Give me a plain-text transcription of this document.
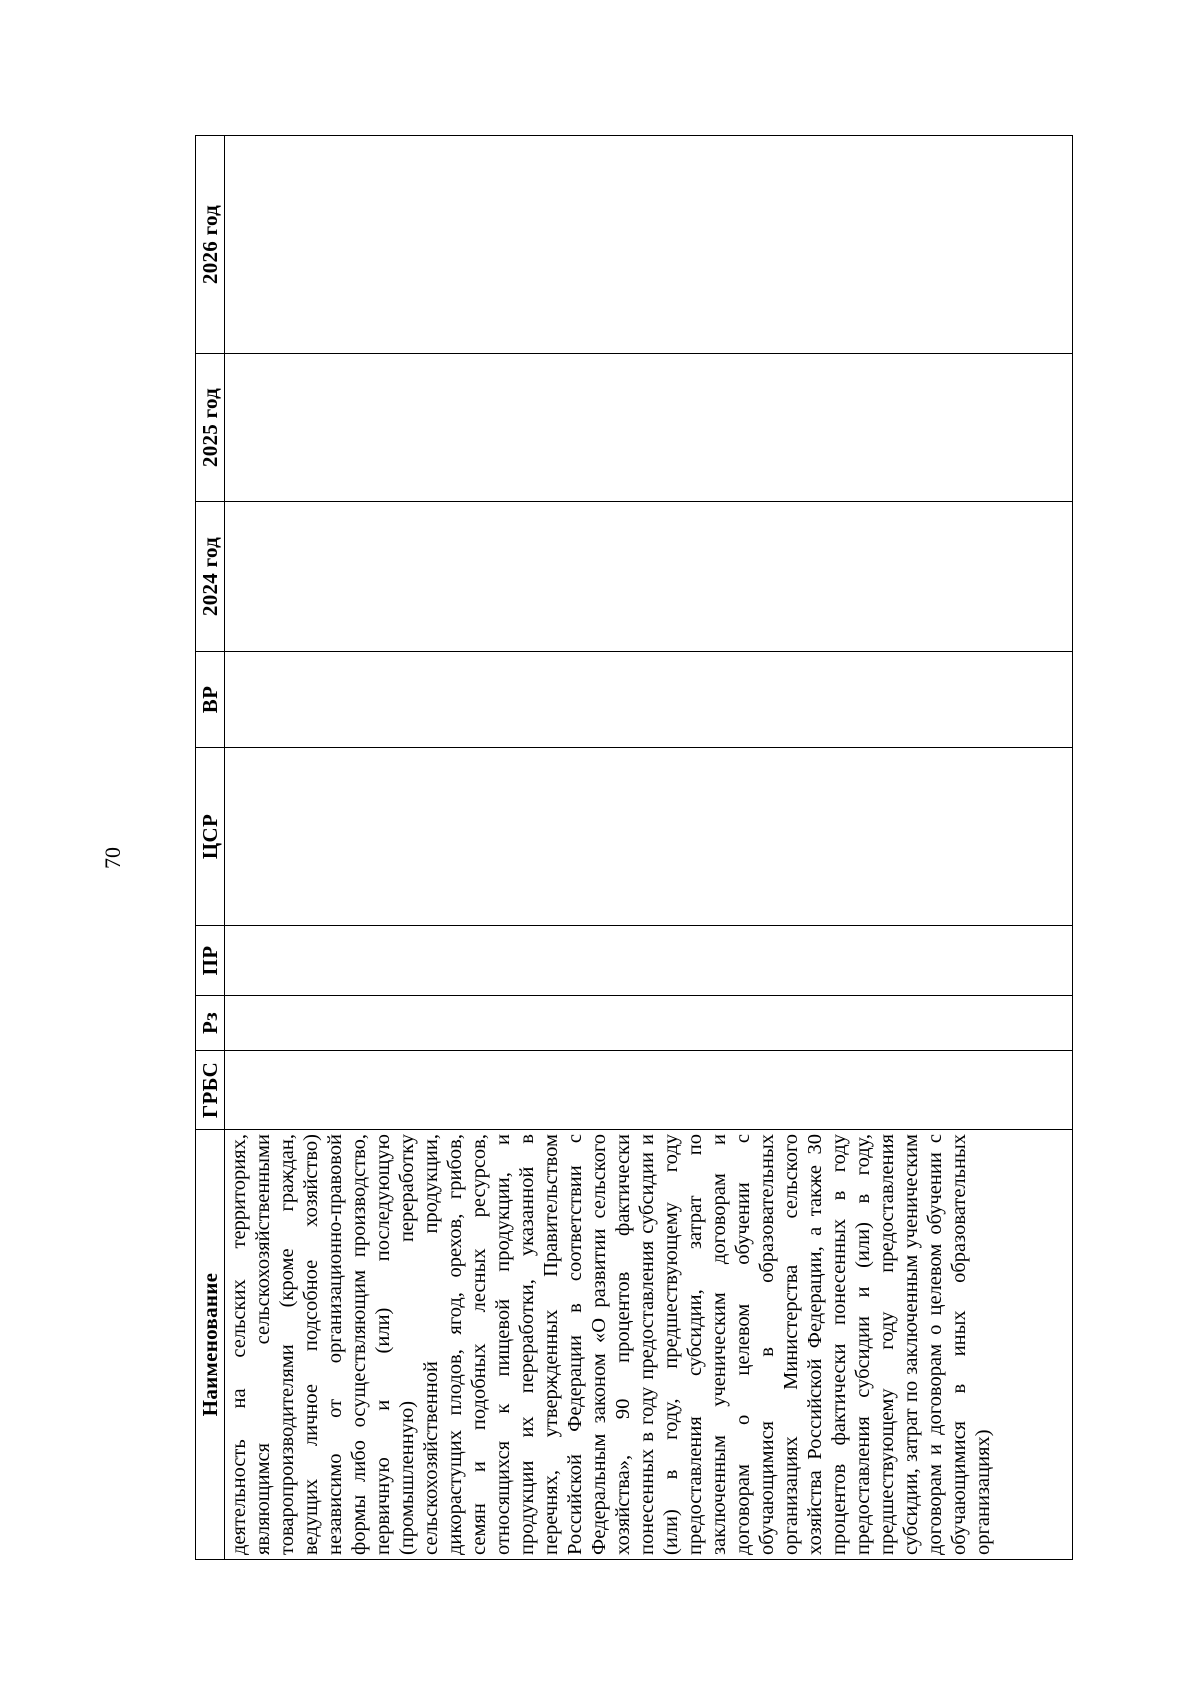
70
Наименование	ГРБС	Рз	ПР	ЦСР	ВР	2024 год	2025 год	2026 год

деятельность на сельских территориях, являющимся сельскохозяйственными товаропроизводителями (кроме граждан, ведущих личное подсобное хозяйство) независимо от организационно-правовой формы либо осуществляющим производство, первичную и (или) последующую (промышленную) переработку сельскохозяйственной продукции, дикорастущих плодов, ягод, орехов, грибов, семян и подобных лесных ресурсов, относящихся к пищевой продукции, и продукции их переработки, указанной в перечнях, утвержденных Правительством Российской Федерации в соответствии с Федеральным законом «О развитии сельского хозяйства», 90 процентов фактически понесенных в году предоставления субсидии и (или) в году, предшествующему году предоставления субсидии, затрат по заключенным ученическим договорам и договорам о целевом обучении с обучающимися в образовательных организациях Министерства сельского хозяйства Российской Федерации, а также 30 процентов фактически понесенных в году предоставления субсидии и (или) в году, предшествующему году предоставления субсидии, затрат по заключенным ученическим договорам и договорам о целевом обучении с обучающимися в иных образовательных организациях)								
